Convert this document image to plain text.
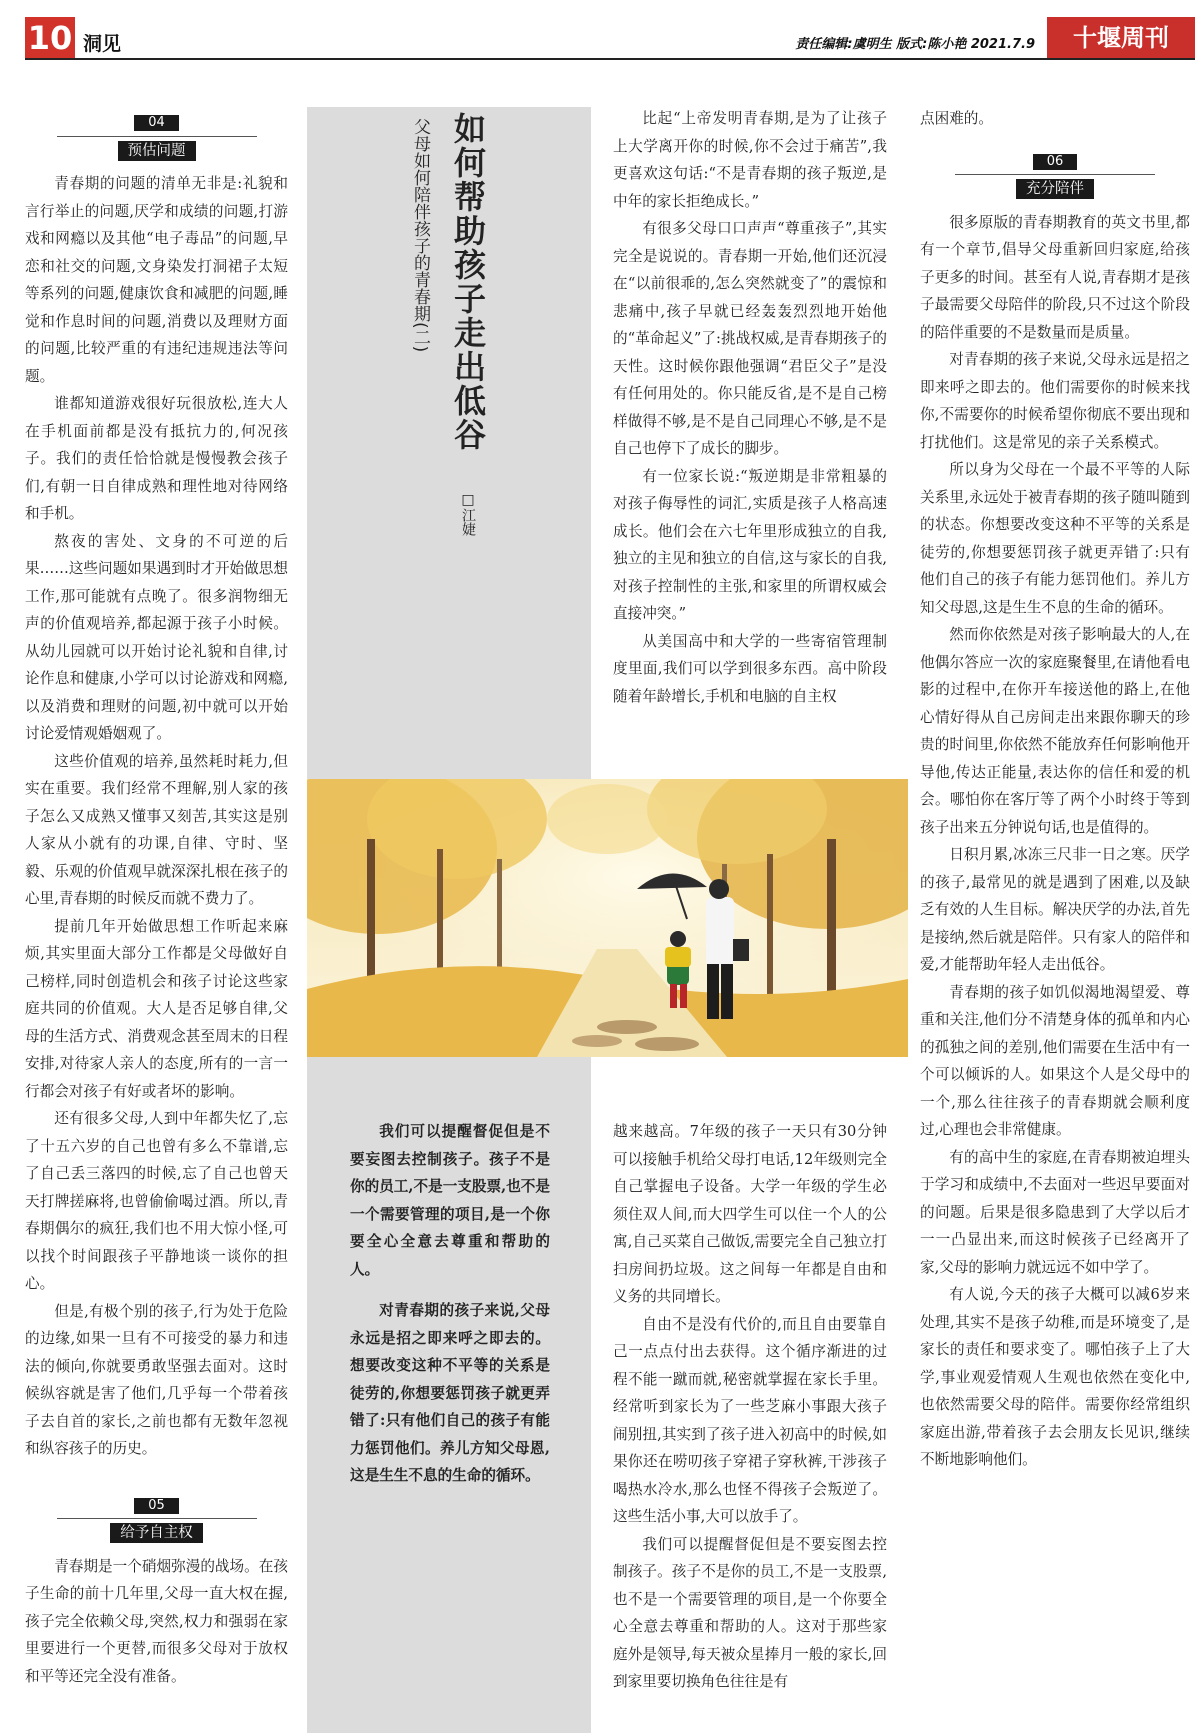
10 洞见	责任编辑:虞明生 版式:陈小艳 2021.7.9	十堰周刊
如何帮助孩子走出低谷
父母如何陪伴孩子的青春期(二)
□江婕
04
预估问题

青春期的问题的清单无非是:礼貌和言行举止的问题,厌学和成绩的问题,打游戏和网瘾以及其他“电子毒品”的问题,早恋和社交的问题,文身染发打洞裙子太短等系列的问题,健康饮食和减肥的问题,睡觉和作息时间的问题,消费以及理财方面的问题,比较严重的有违纪违规违法等问题。

谁都知道游戏很好玩很放松,连大人在手机面前都是没有抵抗力的,何况孩子。我们的责任恰恰就是慢慢教会孩子们,有朝一日自律成熟和理性地对待网络和手机。

熬夜的害处、文身的不可逆的后果……这些问题如果遇到时才开始做思想工作,那可能就有点晚了。很多润物细无声的价值观培养,都起源于孩子小时候。从幼儿园就可以开始讨论礼貌和自律,讨论作息和健康,小学可以讨论游戏和网瘾,以及消费和理财的问题,初中就可以开始讨论爱情观婚姻观了。

这些价值观的培养,虽然耗时耗力,但实在重要。我们经常不理解,别人家的孩子怎么又成熟又懂事又刻苦,其实这是别人家从小就有的功课,自律、守时、坚毅、乐观的价值观早就深深扎根在孩子的心里,青春期的时候反而就不费力了。

提前几年开始做思想工作听起来麻烦,其实里面大部分工作都是父母做好自己榜样,同时创造机会和孩子讨论这些家庭共同的价值观。大人是否足够自律,父母的生活方式、消费观念甚至周末的日程安排,对待家人亲人的态度,所有的一言一行都会对孩子有好或者坏的影响。

还有很多父母,人到中年都失忆了,忘了十五六岁的自己也曾有多么不靠谱,忘了自己丢三落四的时候,忘了自己也曾天天打牌搓麻将,也曾偷偷喝过酒。所以,青春期偶尔的疯狂,我们也不用大惊小怪,可以找个时间跟孩子平静地谈一谈你的担心。

但是,有极个别的孩子,行为处于危险的边缘,如果一旦有不可接受的暴力和违法的倾向,你就要勇敢坚强去面对。这时候纵容就是害了他们,几乎每一个带着孩子去自首的家长,之前也都有无数年忽视和纵容孩子的历史。

05
给予自主权

青春期是一个硝烟弥漫的战场。在孩子生命的前十几年里,父母一直大权在握,孩子完全依赖父母,突然,权力和强弱在家里要进行一个更替,而很多父母对于放权和平等还完全没有准备。

我们可以提醒督促但是不要妄图去控制孩子。孩子不是你的员工,不是一支股票,也不是一个需要管理的项目,是一个你要全心全意去尊重和帮助的人。

对青春期的孩子来说,父母永远是招之即来呼之即去的。想要改变这种不平等的关系是徒劳的,你想要惩罚孩子就更弄错了:只有他们自己的孩子有能力惩罚他们。养儿方知父母恩,这是生生不息的生命的循环。

比起“上帝发明青春期,是为了让孩子上大学离开你的时候,你不会过于痛苦”,我更喜欢这句话:“不是青春期的孩子叛逆,是中年的家长拒绝成长。”

有很多父母口口声声“尊重孩子”,其实完全是说说的。青春期一开始,他们还沉浸在“以前很乖的,怎么突然就变了”的震惊和悲痛中,孩子早就已经轰轰烈烈地开始他的“革命起义”了:挑战权威,是青春期孩子的天性。这时候你跟他强调“君臣父子”是没有任何用处的。你只能反省,是不是自己榜样做得不够,是不是自己同理心不够,是不是自己也停下了成长的脚步。

有一位家长说:“叛逆期是非常粗暴的对孩子侮辱性的词汇,实质是孩子人格高速成长。他们会在六七年里形成独立的自我,独立的主见和独立的自信,这与家长的自我,对孩子控制性的主张,和家里的所谓权威会直接冲突。”

从美国高中和大学的一些寄宿管理制度里面,我们可以学到很多东西。高中阶段随着年龄增长,手机和电脑的自主权

越来越高。7年级的孩子一天只有30分钟可以接触手机给父母打电话,12年级则完全自己掌握电子设备。大学一年级的学生必须住双人间,而大四学生可以住一个人的公寓,自己买菜自己做饭,需要完全自己独立打扫房间扔垃圾。这之间每一年都是自由和义务的共同增长。

自由不是没有代价的,而且自由要靠自己一点点付出去获得。这个循序渐进的过程不能一蹴而就,秘密就掌握在家长手里。经常听到家长为了一些芝麻小事跟大孩子闹别扭,其实到了孩子进入初高中的时候,如果你还在唠叨孩子穿裙子穿秋裤,干涉孩子喝热水冷水,那么也怪不得孩子会叛逆了。这些生活小事,大可以放手了。

我们可以提醒督促但是不要妄图去控制孩子。孩子不是你的员工,不是一支股票,也不是一个需要管理的项目,是一个你要全心全意去尊重和帮助的人。这对于那些家庭外是领导,每天被众星捧月一般的家长,回到家里要切换角色往往是有

点困难的。

06
充分陪伴

很多原版的青春期教育的英文书里,都有一个章节,倡导父母重新回归家庭,给孩子更多的时间。甚至有人说,青春期才是孩子最需要父母陪伴的阶段,只不过这个阶段的陪伴重要的不是数量而是质量。

对青春期的孩子来说,父母永远是招之即来呼之即去的。他们需要你的时候来找你,不需要你的时候希望你彻底不要出现和打扰他们。这是常见的亲子关系模式。

所以身为父母在一个最不平等的人际关系里,永远处于被青春期的孩子随叫随到的状态。你想要改变这种不平等的关系是徒劳的,你想要惩罚孩子就更弄错了:只有他们自己的孩子有能力惩罚他们。养儿方知父母恩,这是生生不息的生命的循环。

然而你依然是对孩子影响最大的人,在他偶尔答应一次的家庭聚餐里,在请他看电影的过程中,在你开车接送他的路上,在他心情好得从自己房间走出来跟你聊天的珍贵的时间里,你依然不能放弃任何影响他开导他,传达正能量,表达你的信任和爱的机会。哪怕你在客厅等了两个小时终于等到孩子出来五分钟说句话,也是值得的。

日积月累,冰冻三尺非一日之寒。厌学的孩子,最常见的就是遇到了困难,以及缺乏有效的人生目标。解决厌学的办法,首先是接纳,然后就是陪伴。只有家人的陪伴和爱,才能帮助年轻人走出低谷。

青春期的孩子如饥似渴地渴望爱、尊重和关注,他们分不清楚身体的孤单和内心的孤独之间的差别,他们需要在生活中有一个可以倾诉的人。如果这个人是父母中的一个,那么往往孩子的青春期就会顺利度过,心理也会非常健康。

有的高中生的家庭,在青春期被迫埋头于学习和成绩中,不去面对一些迟早要面对的问题。后果是很多隐患到了大学以后才一一凸显出来,而这时候孩子已经离开了家,父母的影响力就远远不如中学了。

有人说,今天的孩子大概可以减6岁来处理,其实不是孩子幼稚,而是环境变了,是家长的责任和要求变了。哪怕孩子上了大学,事业观爱情观人生观也依然在变化中,也依然需要父母的陪伴。需要你经常组织家庭出游,带着孩子去会朋友长见识,继续不断地影响他们。
